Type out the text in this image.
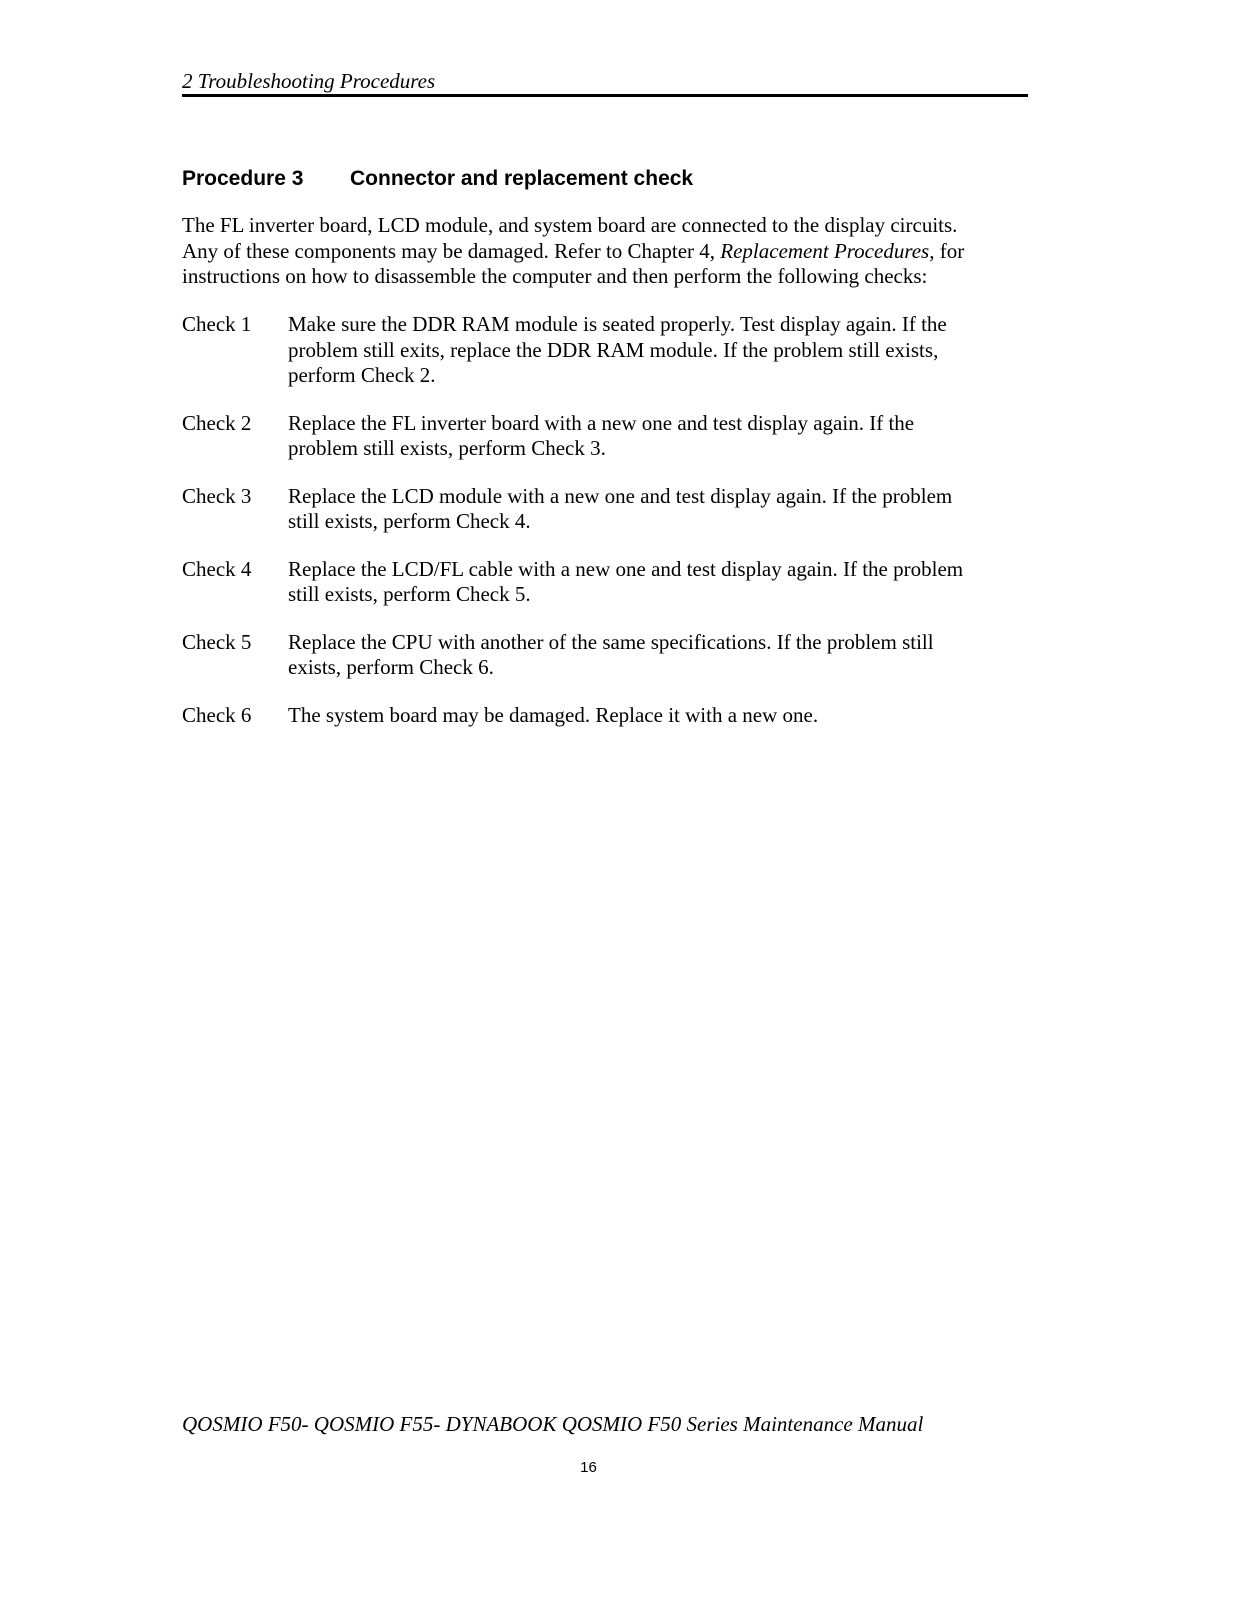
2 Troubleshooting Procedures
Procedure 3 Connector and replacement check
The FL inverter board, LCD module, and system board are connected to the display circuits.
Any of these components may be damaged. Refer to Chapter 4, Replacement Procedures, for
instructions on how to disassemble the computer and then perform the following checks:
Check 1	Make sure the DDR RAM module is seated properly. Test display again. If the
problem still exits, replace the DDR RAM module. If the problem still exists,
perform Check 2.
Check 2	Replace the FL inverter board with a new one and test display again. If the
problem still exists, perform Check 3.
Check 3	Replace the LCD module with a new one and test display again. If the problem
still exists, perform Check 4.
Check 4	Replace the LCD/FL cable with a new one and test display again. If the problem
still exists, perform Check 5.
Check 5	Replace the CPU with another of the same specifications. If the problem still
exists, perform Check 6.
Check 6	The system board may be damaged. Replace it with a new one.
QOSMIO F50- QOSMIO F55- DYNABOOK QOSMIO F50 Series Maintenance Manual
16
